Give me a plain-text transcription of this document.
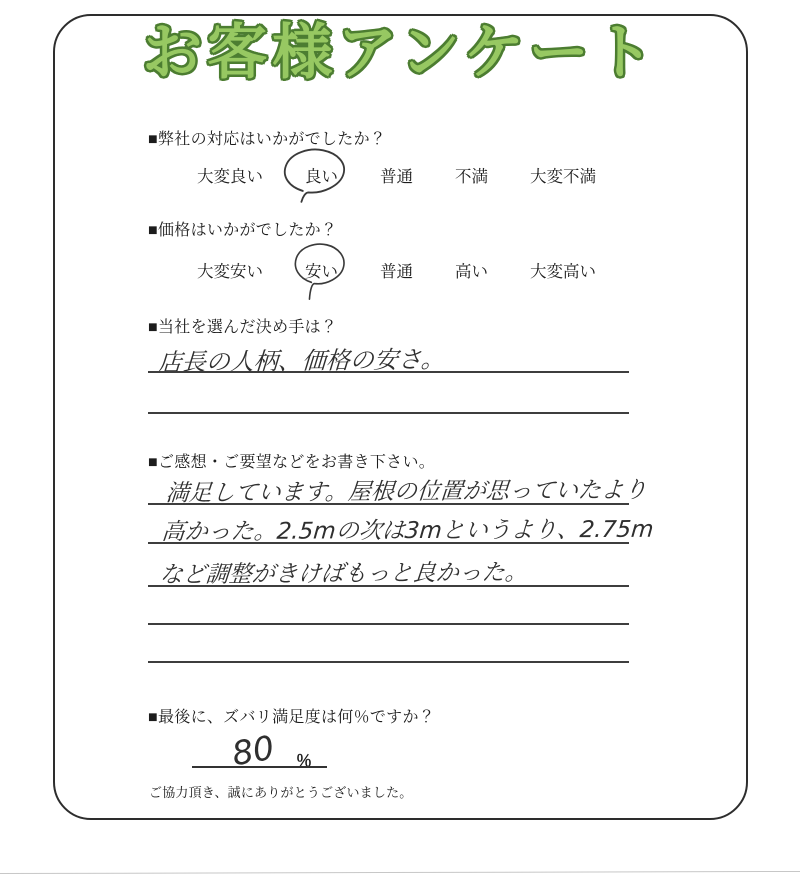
お客様アンケート
■弊社の対応はいかがでしたか？
大変良い	良い	普通	不満	大変不満
■価格はいかがでしたか？
大変安い	安い	普通	高い	大変高い
■当社を選んだ決め手は？
店長の人柄、価格の安さ。
■ご感想・ご要望などをお書き下さい。
満足しています。屋根の位置が思っていたより
高かった。2.5mの次は3mというより、2.75m
など調整がきけばもっと良かった。
■最後に、ズバリ満足度は何％ですか？
80 ％
ご協力頂き、誠にありがとうございました。
